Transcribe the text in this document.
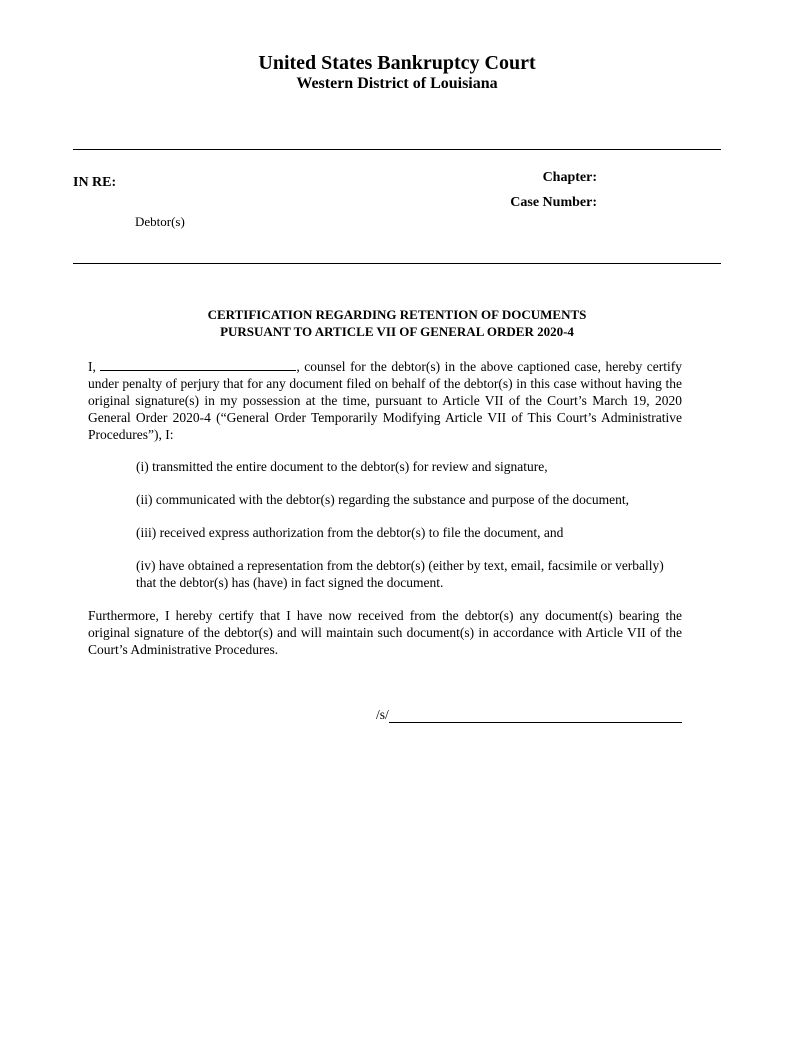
United States Bankruptcy Court
Western District of Louisiana
IN RE:
Debtor(s)
Chapter:
Case Number:
CERTIFICATION REGARDING RETENTION OF DOCUMENTS
PURSUANT TO ARTICLE VII OF GENERAL ORDER 2020-4
I,	, counsel for the debtor(s) in the above captioned case, hereby certify under penalty of perjury that for any document filed on behalf of the debtor(s) in this case without having the original signature(s) in my possession at the time, pursuant to Article VII of the Court’s March 19, 2020 General Order 2020-4 (“General Order Temporarily Modifying Article VII of This Court’s Administrative Procedures”), I:
(i) transmitted the entire document to the debtor(s) for review and signature,
(ii) communicated with the debtor(s) regarding the substance and purpose of the document,
(iii) received express authorization from the debtor(s) to file the document, and
(iv) have obtained a representation from the debtor(s) (either by text, email, facsimile or verbally) that the debtor(s) has (have) in fact signed the document.
Furthermore, I hereby certify that I have now received from the debtor(s) any document(s) bearing the original signature of the debtor(s) and will maintain such document(s) in accordance with Article VII of the Court’s Administrative Procedures.
/s/
